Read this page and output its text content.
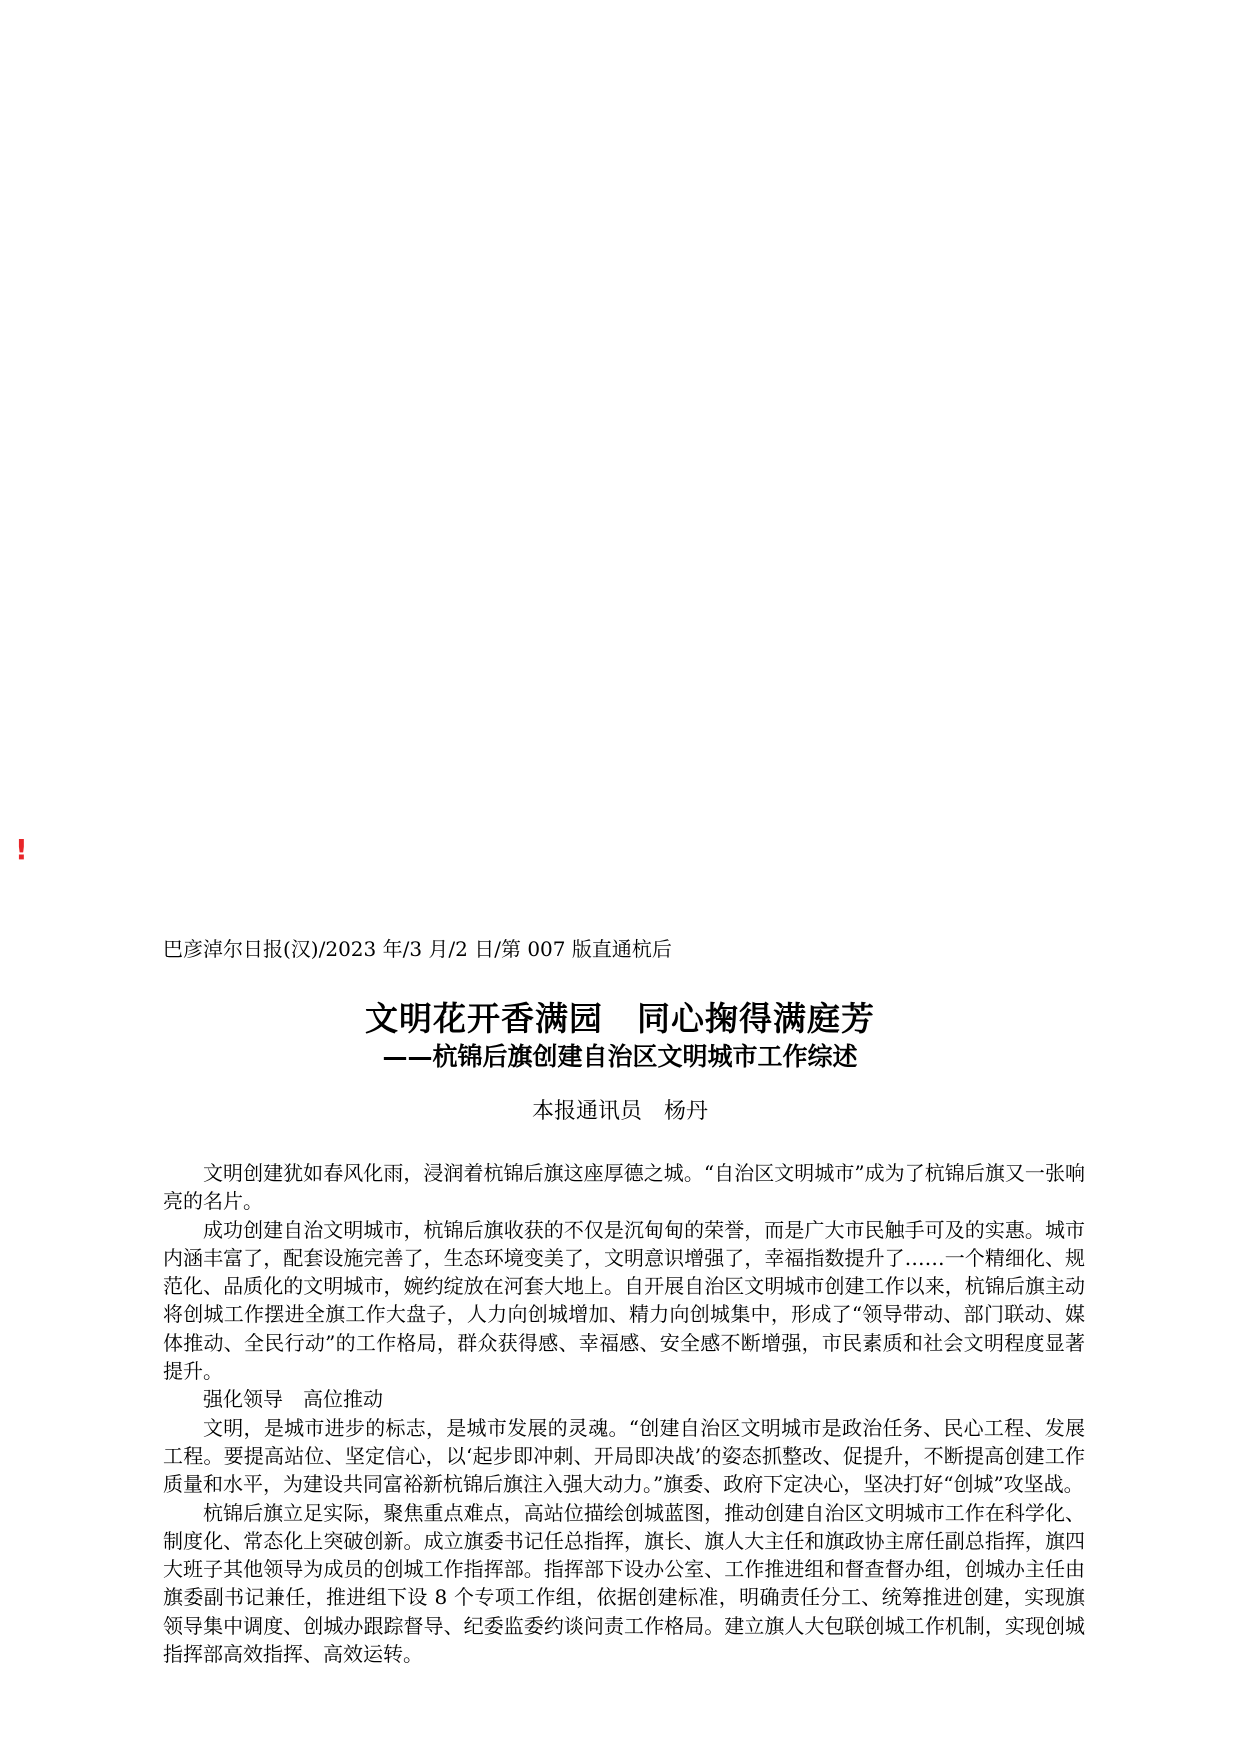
!

巴彦淖尔日报(汉)/2023 年/3 月/2 日/第 007 版直通杭后

文明花开香满园　同心掬得满庭芳
——杭锦后旗创建自治区文明城市工作综述
本报通讯员　杨丹

文明创建犹如春风化雨，浸润着杭锦后旗这座厚德之城。“自治区文明城市”成为了杭锦后旗又一张响亮的名片。

成功创建自治文明城市，杭锦后旗收获的不仅是沉甸甸的荣誉，而是广大市民触手可及的实惠。城市内涵丰富了，配套设施完善了，生态环境变美了，文明意识增强了，幸福指数提升了……一个精细化、规范化、品质化的文明城市，婉约绽放在河套大地上。自开展自治区文明城市创建工作以来，杭锦后旗主动将创城工作摆进全旗工作大盘子，人力向创城增加、精力向创城集中，形成了“领导带动、部门联动、媒体推动、全民行动”的工作格局，群众获得感、幸福感、安全感不断增强，市民素质和社会文明程度显著提升。

强化领导　高位推动

文明，是城市进步的标志，是城市发展的灵魂。“创建自治区文明城市是政治任务、民心工程、发展工程。要提高站位、坚定信心，以‘起步即冲刺、开局即决战’的姿态抓整改、促提升，不断提高创建工作质量和水平，为建设共同富裕新杭锦后旗注入强大动力。”旗委、政府下定决心，坚决打好“创城”攻坚战。

杭锦后旗立足实际，聚焦重点难点，高站位描绘创城蓝图，推动创建自治区文明城市工作在科学化、制度化、常态化上突破创新。成立旗委书记任总指挥，旗长、旗人大主任和旗政协主席任副总指挥，旗四大班子其他领导为成员的创城工作指挥部。指挥部下设办公室、工作推进组和督查督办组，创城办主任由旗委副书记兼任，推进组下设 8 个专项工作组，依据创建标准，明确责任分工、统筹推进创建，实现旗领导集中调度、创城办跟踪督导、纪委监委约谈问责工作格局。建立旗人大包联创城工作机制，实现创城指挥部高效指挥、高效运转。
